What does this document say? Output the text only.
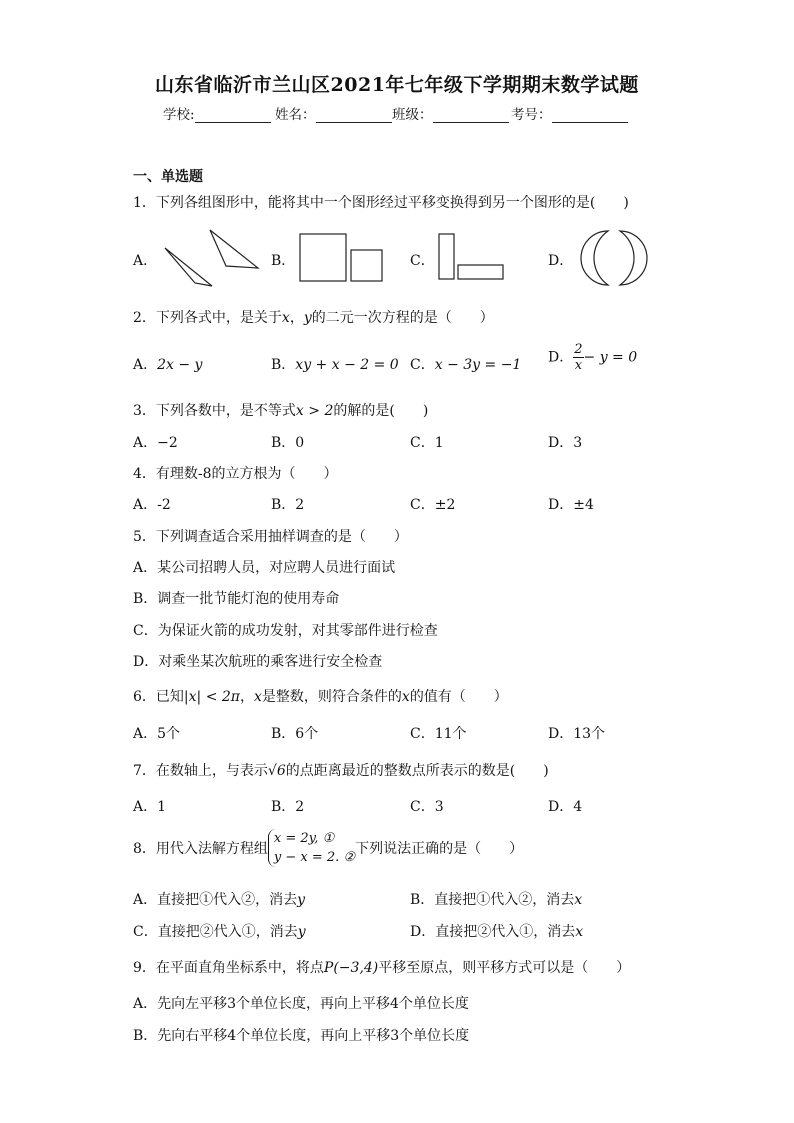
山东省临沂市兰山区2021年七年级下学期期末数学试题
学校:	姓名：	班级：	考号：
一、单选题
1．下列各组图形中，能将其中一个图形经过平移变换得到另一个图形的是(　　)
A．	B．	C．	D．
2．下列各式中，是关于x，y的二元一次方程的是（　　）
A．2x − y	B．xy + x − 2 = 0 C．x − 3y = −1 D． $\frac{2}{x} - y = 0$
3．下列各数中，是不等式x > 2的解的是(　　)
A．−2	B．0	C．1	D．3
4．有理数-8的立方根为（　　）
A．-2	B．2	C．±2	D．±4
5．下列调查适合采用抽样调查的是（　　）
A．某公司招聘人员，对应聘人员进行面试
B．调查一批节能灯泡的使用寿命
C．为保证火箭的成功发射，对其零部件进行检查
D．对乘坐某次航班的乘客进行安全检查
6．已知|x| < 2π，x是整数，则符合条件的x的值有（　　）
A．5个	B．6个	C．11个	D．13个
7．在数轴上，与表示√6的点距离最近的整数点所表示的数是(　　)
A．1	B．2	C．3	D．4
8．用代入法解方程组
x = 2y, ①
y − x = 2. ②
下列说法正确的是（　　）
A．直接把①代入②，消去y	B．直接把①代入②，消去x
C．直接把②代入①，消去y	D．直接把②代入①，消去x
9．在平面直角坐标系中，将点P(−3,4)平移至原点，则平移方式可以是（　　）
A．先向左平移3个单位长度，再向上平移4个单位长度
B．先向右平移4个单位长度，再向上平移3个单位长度
